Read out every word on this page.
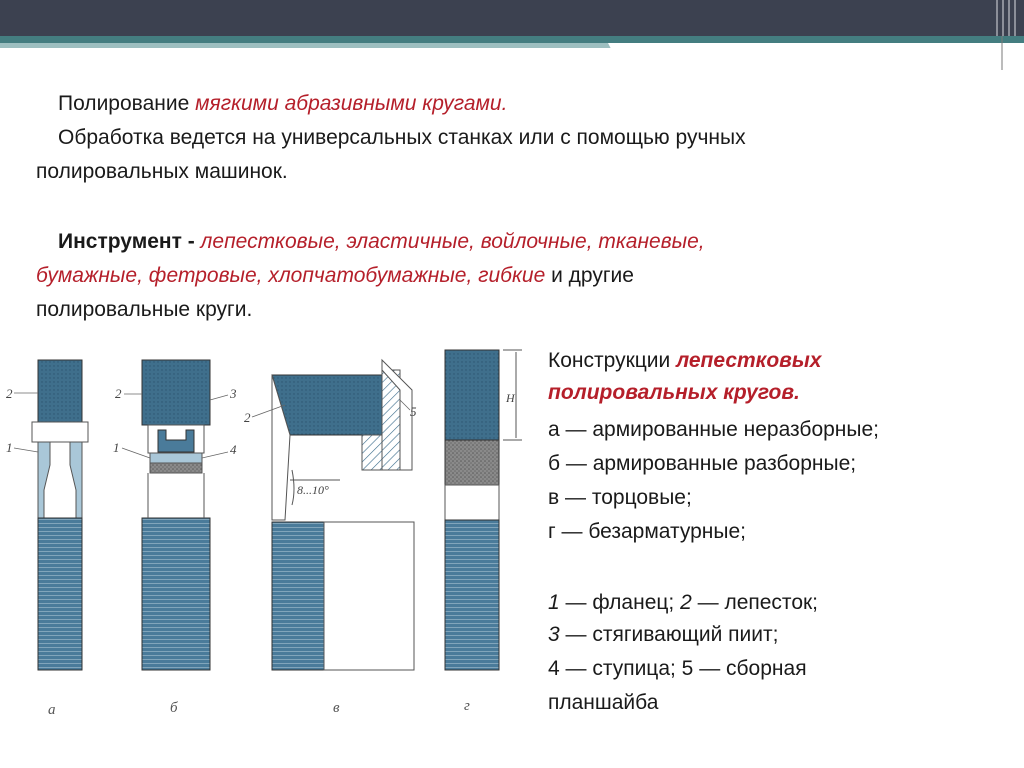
Полирование мягкими абразивными кругами.
Обработка ведется на универсальных станках или с помощью ручных
полировальных машинок.
Инструмент - лепестковые, эластичные, войлочные, тканевые,
бумажные, фетровые, хлопчатобумажные, гибкие и другие
полировальные круги.
2
1
2	3
1	4
2	5
8...10°
H
а	б	в	г
Конструкции лепестковых
полировальных кругов.
а — армированные неразборные;
б — армированные разборные;
в — торцовые;
г — безарматурные;
1 — фланец; 2 — лепесток;
3 — стягивающий пиит;
4 — ступица; 5 — сборная
планшайба
